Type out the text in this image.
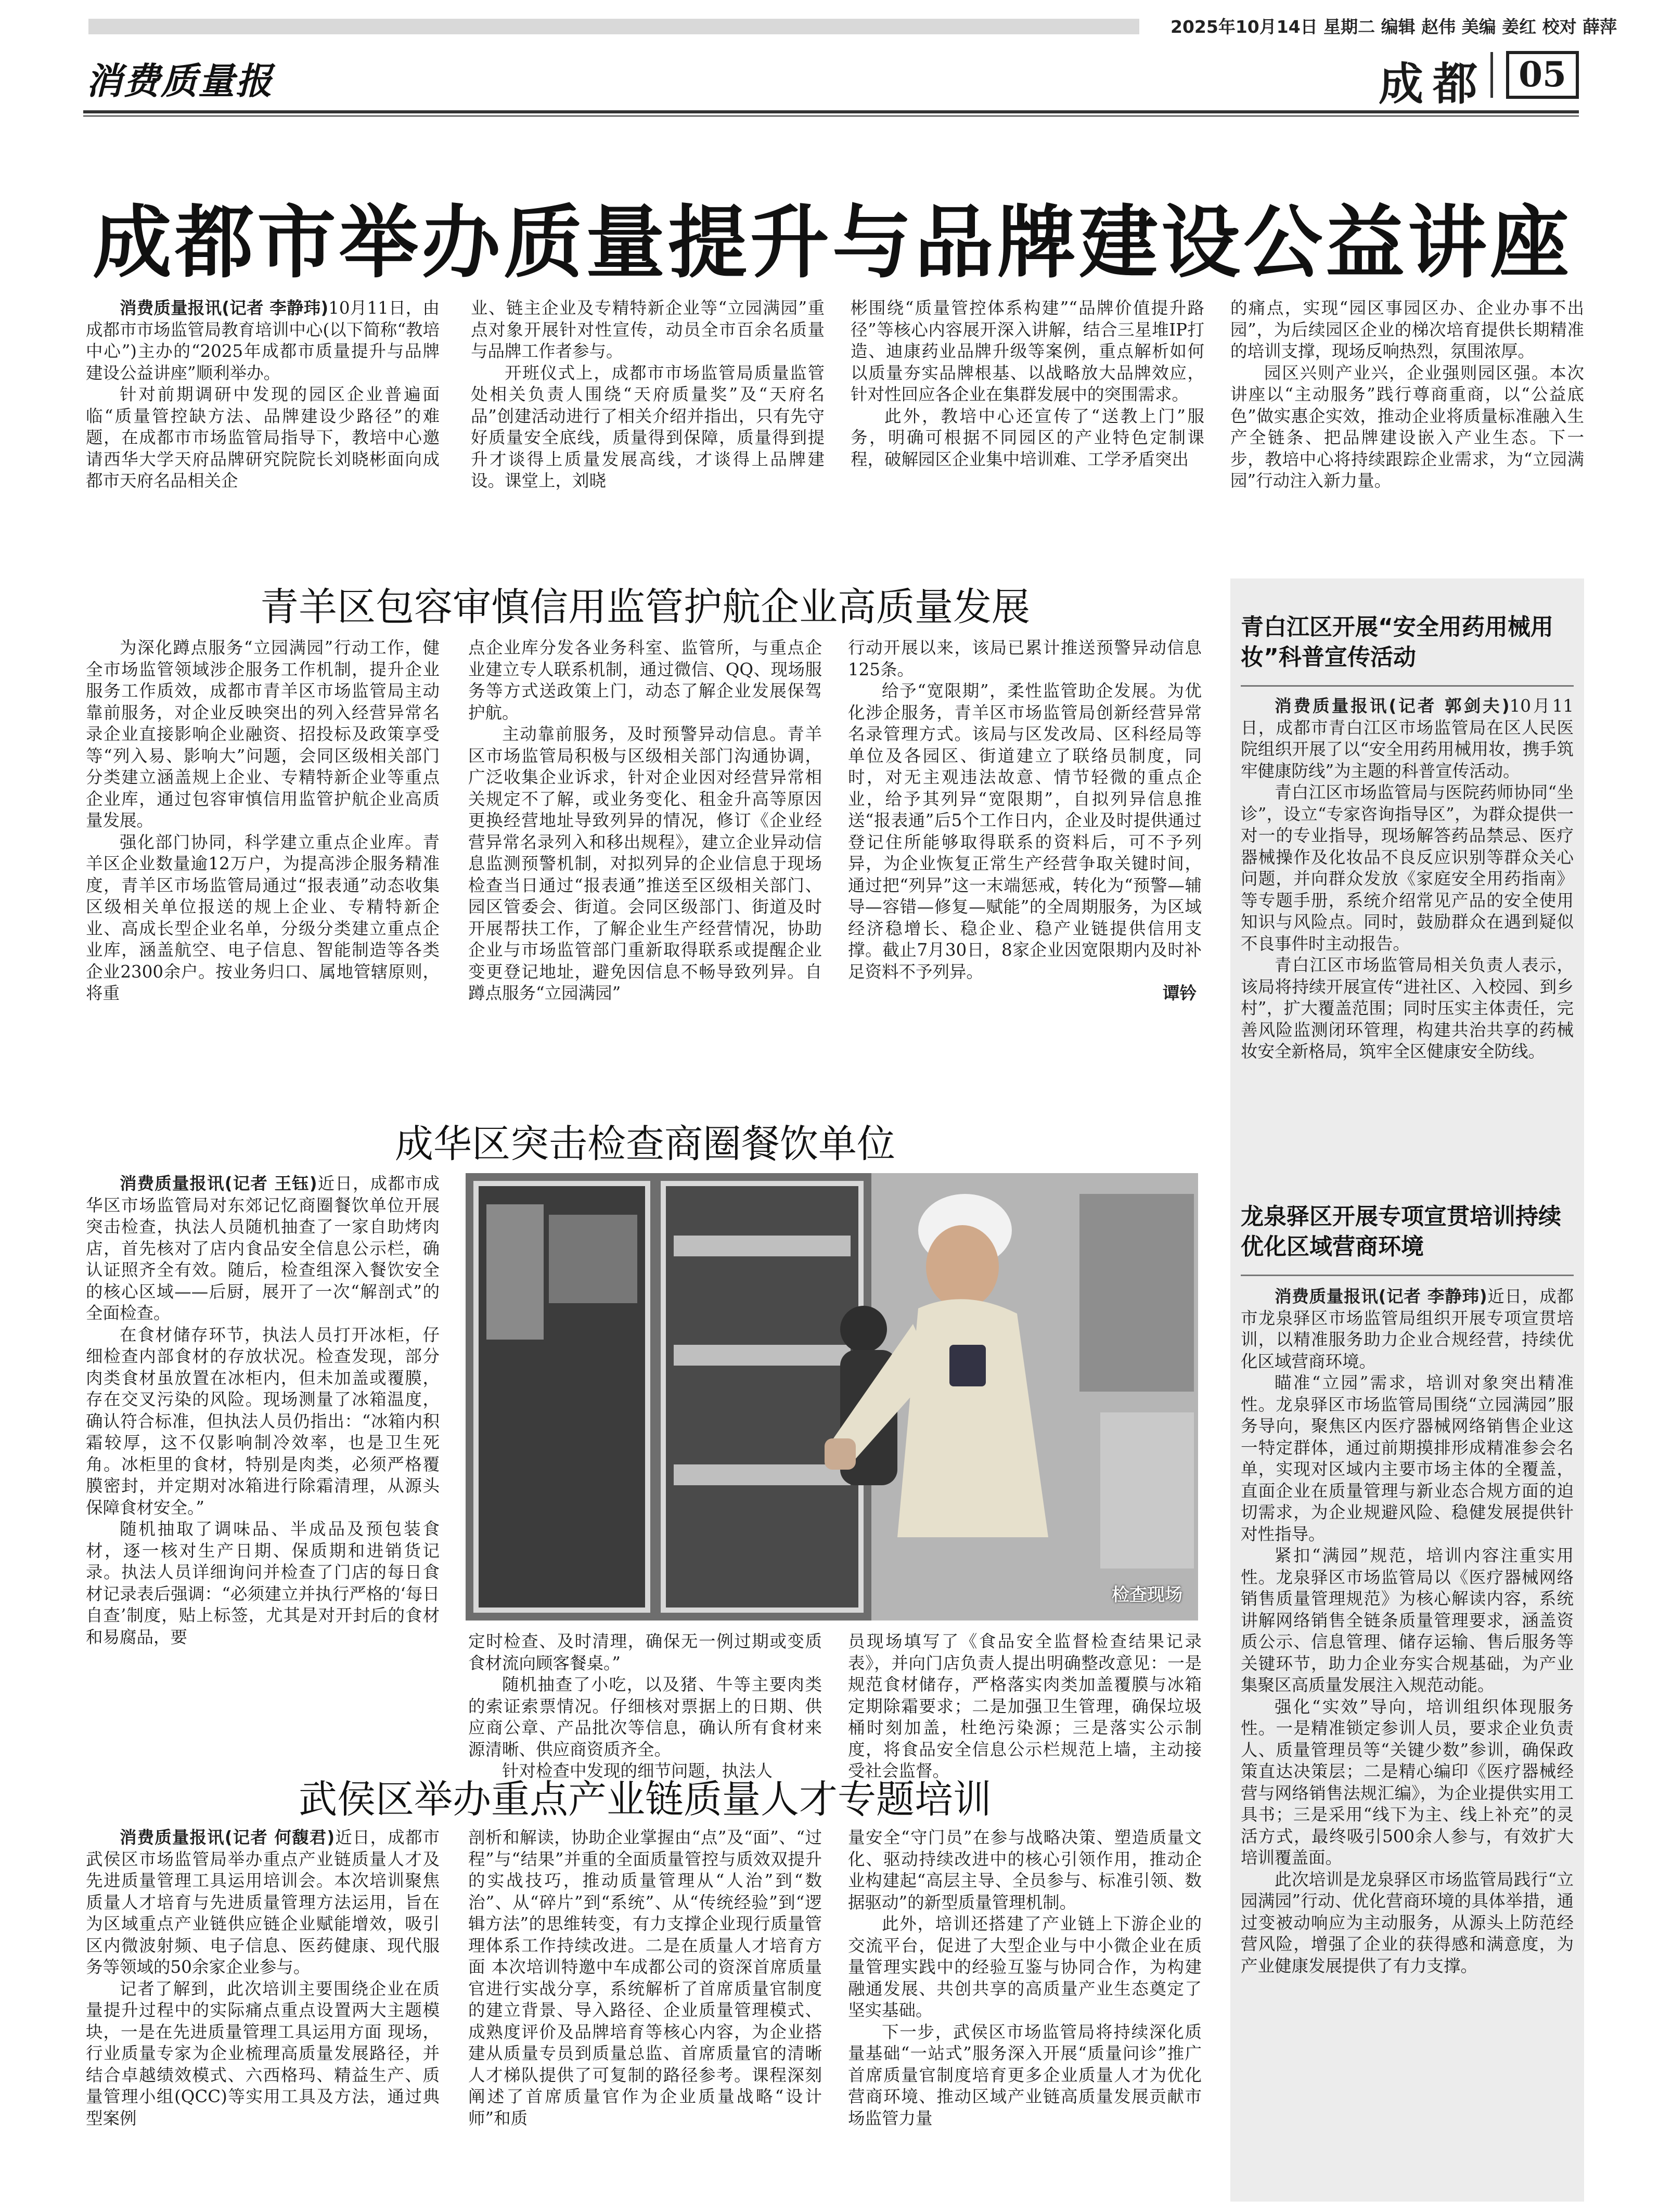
2025年10月14日 星期二 编辑 赵伟 美编 姜红 校对 薛萍
消费质量报	成都 05
成都市举办质量提升与品牌建设公益讲座

消费质量报讯(记者 李静玮)10月11日，由成都市市场监管局教育培训中心(以下简称“教培中心”)主办的“2025年成都市质量提升与品牌建设公益讲座”顺利举办。

针对前期调研中发现的园区企业普遍面临“质量管控缺方法、品牌建设少路径”的难题，在成都市市场监管局指导下，教培中心邀请西华大学天府品牌研究院院长刘晓彬面向成都市天府名品相关企

业、链主企业及专精特新企业等“立园满园”重点对象开展针对性宣传，动员全市百余名质量与品牌工作者参与。

开班仪式上，成都市市场监管局质量监管处相关负责人围绕“天府质量奖”及“天府名品”创建活动进行了相关介绍并指出，只有先守好质量安全底线，质量得到保障，质量得到提升才谈得上质量发展高线，才谈得上品牌建设。课堂上，刘晓

彬围绕“质量管控体系构建”“品牌价值提升路径”等核心内容展开深入讲解，结合三星堆IP打造、迪康药业品牌升级等案例，重点解析如何以质量夯实品牌根基、以战略放大品牌效应，针对性回应各企业在集群发展中的突围需求。

此外，教培中心还宣传了“送教上门”服务，明确可根据不同园区的产业特色定制课程，破解园区企业集中培训难、工学矛盾突出

的痛点，实现“园区事园区办、企业办事不出园”，为后续园区企业的梯次培育提供长期精准的培训支撑，现场反响热烈，氛围浓厚。

园区兴则产业兴，企业强则园区强。本次讲座以“主动服务”践行尊商重商，以“公益底色”做实惠企实效，推动企业将质量标准融入生产全链条、把品牌建设嵌入产业生态。下一步，教培中心将持续跟踪企业需求，为“立园满园”行动注入新力量。

青羊区包容审慎信用监管护航企业高质量发展

为深化蹲点服务“立园满园”行动工作，健全市场监管领域涉企服务工作机制，提升企业服务工作质效，成都市青羊区市场监管局主动靠前服务，对企业反映突出的列入经营异常名录企业直接影响企业融资、招投标及政策享受等“列入易、影响大”问题，会同区级相关部门分类建立涵盖规上企业、专精特新企业等重点企业库，通过包容审慎信用监管护航企业高质量发展。

强化部门协同，科学建立重点企业库。青羊区企业数量逾12万户，为提高涉企服务精准度，青羊区市场监管局通过“报表通”动态收集区级相关单位报送的规上企业、专精特新企业、高成长型企业名单，分级分类建立重点企业库，涵盖航空、电子信息、智能制造等各类企业2300余户。按业务归口、属地管辖原则，将重

点企业库分发各业务科室、监管所，与重点企业建立专人联系机制，通过微信、QQ、现场服务等方式送政策上门，动态了解企业发展保驾护航。

主动靠前服务，及时预警异动信息。青羊区市场监管局积极与区级相关部门沟通协调，广泛收集企业诉求，针对企业因对经营异常相关规定不了解，或业务变化、租金升高等原因更换经营地址导致列异的情况，修订《企业经营异常名录列入和移出规程》，建立企业异动信息监测预警机制，对拟列异的企业信息于现场检查当日通过“报表通”推送至区级相关部门、园区管委会、街道。会同区级部门、街道及时开展帮扶工作，了解企业生产经营情况，协助企业与市场监管部门重新取得联系或提醒企业变更登记地址，避免因信息不畅导致列异。自蹲点服务“立园满园”

行动开展以来，该局已累计推送预警异动信息125条。

给予“宽限期”，柔性监管助企发展。为优化涉企服务，青羊区市场监管局创新经营异常名录管理方式。该局与区发改局、区科经局等单位及各园区、街道建立了联络员制度，同时，对无主观违法故意、情节轻微的重点企业，给予其列异“宽限期”，自拟列异信息推送“报表通”后5个工作日内，企业及时提供通过登记住所能够取得联系的资料后，可不予列异，为企业恢复正常生产经营争取关键时间，通过把“列异”这一末端惩戒，转化为“预警—辅导—容错—修复—赋能”的全周期服务，为区域经济稳增长、稳企业、稳产业链提供信用支撑。截止7月30日，8家企业因宽限期内及时补足资料不予列异。

谭钤

成华区突击检查商圈餐饮单位

消费质量报讯(记者 王钰)近日，成都市成华区市场监管局对东郊记忆商圈餐饮单位开展突击检查，执法人员随机抽查了一家自助烤肉店，首先核对了店内食品安全信息公示栏，确认证照齐全有效。随后，检查组深入餐饮安全的核心区域——后厨，展开了一次“解剖式”的全面检查。

在食材储存环节，执法人员打开冰柜，仔细检查内部食材的存放状况。检查发现，部分肉类食材虽放置在冰柜内，但未加盖或覆膜，存在交叉污染的风险。现场测量了冰箱温度，确认符合标准，但执法人员仍指出：“冰箱内积霜较厚，这不仅影响制冷效率，也是卫生死角。冰柜里的食材，特别是肉类，必须严格覆膜密封，并定期对冰箱进行除霜清理，从源头保障食材安全。”

随机抽取了调味品、半成品及预包装食材，逐一核对生产日期、保质期和进销货记录。执法人员详细询问并检查了门店的每日食材记录表后强调：“必须建立并执行严格的‘每日自查’制度，贴上标签，尤其是对开封后的食材和易腐品，要

检查现场

定时检查、及时清理，确保无一例过期或变质食材流向顾客餐桌。”

随机抽查了小吃，以及猪、牛等主要肉类的索证索票情况。仔细核对票据上的日期、供应商公章、产品批次等信息，确认所有食材来源清晰、供应商资质齐全。

针对检查中发现的细节问题，执法人

员现场填写了《食品安全监督检查结果记录表》，并向门店负责人提出明确整改意见：一是规范食材储存，严格落实肉类加盖覆膜与冰箱定期除霜要求；二是加强卫生管理，确保垃圾桶时刻加盖，杜绝污染源；三是落实公示制度，将食品安全信息公示栏规范上墙，主动接受社会监督。

武侯区举办重点产业链质量人才专题培训

消费质量报讯(记者 何馥君)近日，成都市武侯区市场监管局举办重点产业链质量人才及先进质量管理工具运用培训会。本次培训聚焦质量人才培育与先进质量管理方法运用，旨在为区域重点产业链供应链企业赋能增效，吸引区内微波射频、电子信息、医药健康、现代服务等领域的50余家企业参与。

记者了解到，此次培训主要围绕企业在质量提升过程中的实际痛点重点设置两大主题模块，一是在先进质量管理工具运用方面 现场，行业质量专家为企业梳理高质量发展路径，并结合卓越绩效模式、六西格玛、精益生产、质量管理小组(QCC)等实用工具及方法，通过典型案例

剖析和解读，协助企业掌握由“点”及“面”、“过程”与“结果”并重的全面质量管控与质效双提升的实战技巧，推动质量管理从“人治”到“数治”、从“碎片”到“系统”、从“传统经验”到“逻辑方法”的思维转变，有力支撑企业现行质量管理体系工作持续改进。二是在质量人才培育方面 本次培训特邀中车成都公司的资深首席质量官进行实战分享，系统解析了首席质量官制度的建立背景、导入路径、企业质量管理模式、成熟度评价及品牌培育等核心内容，为企业搭建从质量专员到质量总监、首席质量官的清晰人才梯队提供了可复制的路径参考。课程深刻阐述了首席质量官作为企业质量战略“设计师”和质

量安全“守门员”在参与战略决策、塑造质量文化、驱动持续改进中的核心引领作用，推动企业构建起“高层主导、全员参与、标准引领、数据驱动”的新型质量管理机制。

此外，培训还搭建了产业链上下游企业的交流平台，促进了大型企业与中小微企业在质量管理实践中的经验互鉴与协同合作，为构建融通发展、共创共享的高质量产业生态奠定了坚实基础。

下一步，武侯区市场监管局将持续深化质量基础“一站式”服务深入开展“质量问诊”推广首席质量官制度培育更多企业质量人才为优化营商环境、推动区域产业链高质量发展贡献市场监管力量

青白江区开展“安全用药用械用妆”科普宣传活动

消费质量报讯(记者 郭剑夫)10月11日，成都市青白江区市场监管局在区人民医院组织开展了以“安全用药用械用妆，携手筑牢健康防线”为主题的科普宣传活动。

青白江区市场监管局与医院药师协同“坐诊”，设立“专家咨询指导区”，为群众提供一对一的专业指导，现场解答药品禁忌、医疗器械操作及化妆品不良反应识别等群众关心问题，并向群众发放《家庭安全用药指南》等专题手册，系统介绍常见产品的安全使用知识与风险点。同时，鼓励群众在遇到疑似不良事件时主动报告。

青白江区市场监管局相关负责人表示，该局将持续开展宣传“进社区、入校园、到乡村”，扩大覆盖范围；同时压实主体责任，完善风险监测闭环管理，构建共治共享的药械妆安全新格局，筑牢全区健康安全防线。

龙泉驿区开展专项宣贯培训持续优化区域营商环境

消费质量报讯(记者 李静玮)近日，成都市龙泉驿区市场监管局组织开展专项宣贯培训，以精准服务助力企业合规经营，持续优化区域营商环境。

瞄准“立园”需求，培训对象突出精准性。龙泉驿区市场监管局围绕“立园满园”服务导向，聚焦区内医疗器械网络销售企业这一特定群体，通过前期摸排形成精准参会名单，实现对区域内主要市场主体的全覆盖，直面企业在质量管理与新业态合规方面的迫切需求，为企业规避风险、稳健发展提供针对性指导。

紧扣“满园”规范，培训内容注重实用性。龙泉驿区市场监管局以《医疗器械网络销售质量管理规范》为核心解读内容，系统讲解网络销售全链条质量管理要求，涵盖资质公示、信息管理、储存运输、售后服务等关键环节，助力企业夯实合规基础，为产业集聚区高质量发展注入规范动能。

强化“实效”导向，培训组织体现服务性。一是精准锁定参训人员，要求企业负责人、质量管理员等“关键少数”参训，确保政策直达决策层；二是精心编印《医疗器械经营与网络销售法规汇编》，为企业提供实用工具书；三是采用“线下为主、线上补充”的灵活方式，最终吸引500余人参与，有效扩大培训覆盖面。

此次培训是龙泉驿区市场监管局践行“立园满园”行动、优化营商环境的具体举措，通过变被动响应为主动服务，从源头上防范经营风险，增强了企业的获得感和满意度，为产业健康发展提供了有力支撑。
